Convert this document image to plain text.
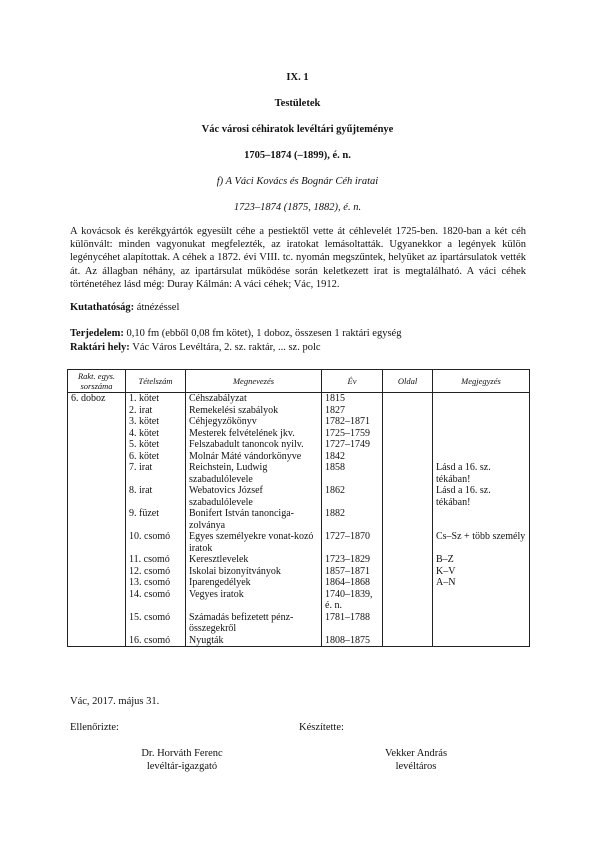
IX. 1
Testületek
Vác városi céhiratok levéltári gyűjteménye
1705–1874 (–1899), é. n.
f) A Váci Kovács és Bognár Céh iratai
1723–1874 (1875, 1882), é. n.
A kovácsok és kerékgyártók egyesült céhe a pestiektől vette át céhlevelét 1725-ben. 1820-ban a két céh különvált: minden vagyonukat megfelezték, az iratokat lemásoltatták. Ugyanekkor a legények külön legénycéhet alapítottak. A céhek a 1872. évi VIII. tc. nyomán megszűntek, helyüket az ipartársulatok vették át. Az állagban néhány, az ipartársulat működése során keletkezett irat is megtalálható. A váci céhek történetéhez lásd még: Duray Kálmán: A váci céhek; Vác, 1912.
Kutathatóság: átnézéssel
Terjedelem: 0,10 fm (ebből 0,08 fm kötet), 1 doboz, összesen 1 raktári egység
Raktári hely: Vác Város Levéltára, 2. sz. raktár, ... sz. polc
Rakt. egys. sorszáma	Tételszám	Megnevezés	Év	Oldal	Megjegyzés
6. doboz	1. kötet	Céhszabályzat	1815		
	2. irat	Remekelési szabályok	1827		
	3. kötet	Céhjegyzőkönyv	1782–1871		
	4. kötet	Mesterek felvételének jkv.	1725–1759		
	5. kötet	Felszabadult tanoncok nyilv.	1727–1749		
	6. kötet	Molnár Máté vándorkönyve	1842		
	7. irat	Reichstein, Ludwig szabadulólevele	1858		Lásd a 16. sz. tékában!
	8. irat	Webatovics József szabadulólevele	1862		Lásd a 16. sz. tékában!
	9. füzet	Bonifert István tanonciga-zolványa	1882		
	10. csomó	Egyes személyekre vonat-kozó iratok	1727–1870		Cs–Sz + több személy
	11. csomó	Keresztlevelek	1723–1829		B–Z
	12. csomó	Iskolai bizonyítványok	1857–1871		K–V
	13. csomó	Iparengedélyek	1864–1868		A–N
	14. csomó	Vegyes iratok	1740–1839, é. n.		
	15. csomó	Számadás befizetett pénz-összegekről	1781–1788		
	16. csomó	Nyugták	1808–1875		
Vác, 2017. május 31.
Ellenőrizte:	Készítette:
Dr. Horváth Ferenc
levéltár-igazgató
Vekker András
levéltáros
